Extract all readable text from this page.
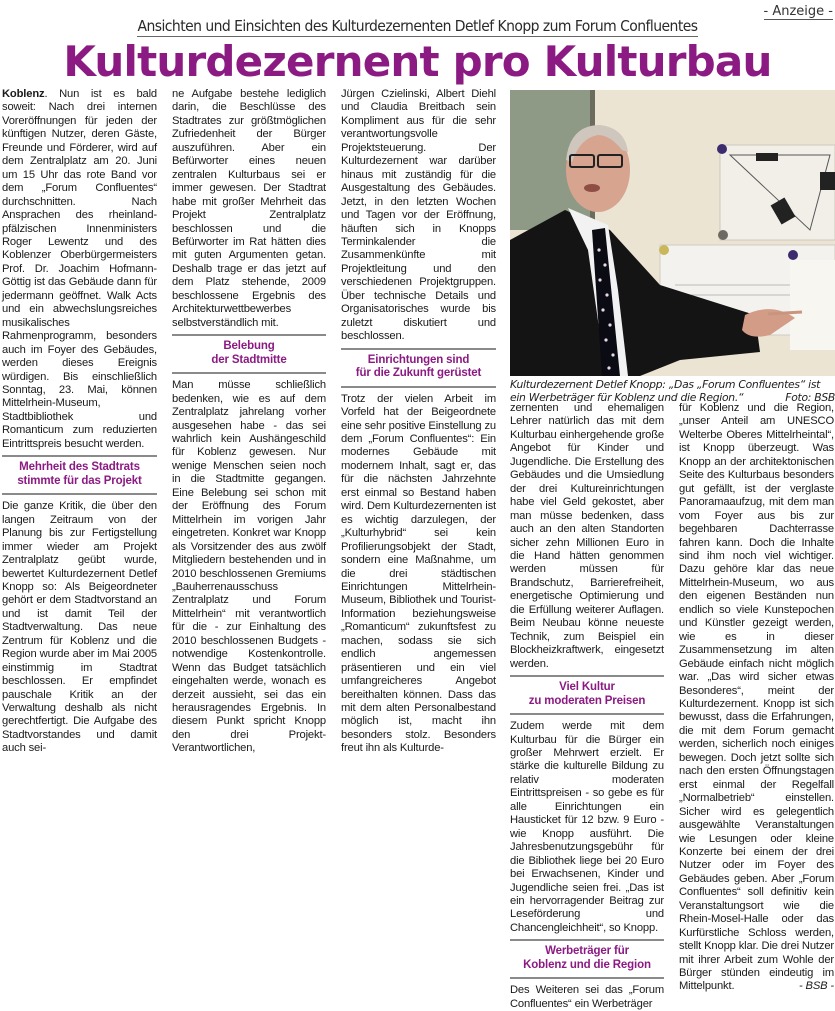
- Anzeige -
Ansichten und Einsichten des Kulturdezernenten Detlef Knopp zum Forum Confluentes
Kulturdezernent pro Kulturbau

Koblenz. Nun ist es bald soweit: Nach drei internen Voreröffnungen für jeden der künftigen Nutzer, deren Gäste, Freunde und Förderer, wird auf dem Zentralplatz am 20. Juni um 15 Uhr das rote Band vor dem „Forum Confluentes“ durchschnitten. Nach Ansprachen des rheinland-pfälzischen Innenministers Roger Lewentz und des Koblenzer Oberbürgermeisters Prof. Dr. Joachim Hofmann-Göttig ist das Gebäude dann für jedermann geöffnet. Walk Acts und ein abwechslungsreiches musikalisches Rahmenprogramm, besonders auch im Foyer des Gebäudes, werden dieses Ereignis würdigen. Bis einschließlich Sonntag, 23. Mai, können Mittelrhein-Museum, Stadtbibliothek und Romanticum zum reduzierten Eintrittspreis besucht werden.

Mehrheit des Stadtrats
stimmte für das Projekt

Die ganze Kritik, die über den langen Zeitraum von der Planung bis zur Fertigstellung immer wieder am Projekt Zentralplatz geübt wurde, bewertet Kulturdezernent Detlef Knopp so: Als Beigeordneter gehört er dem Stadtvorstand an und ist damit Teil der Stadtverwaltung. Das neue Zentrum für Koblenz und die Region wurde aber im Mai 2005 einstimmig im Stadtrat beschlossen. Er empfindet pauschale Kritik an der Verwaltung deshalb als nicht gerechtfertigt. Die Aufgabe des Stadtvorstandes und damit auch sei-

ne Aufgabe bestehe lediglich darin, die Beschlüsse des Stadtrates zur größtmöglichen Zufriedenheit der Bürger auszuführen. Aber ein Befürworter eines neuen zentralen Kulturbaus sei er immer gewesen. Der Stadtrat habe mit großer Mehrheit das Projekt Zentralplatz beschlossen und die Befürworter im Rat hätten dies mit guten Argumenten getan. Deshalb trage er das jetzt auf dem Platz stehende, 2009 beschlossene Ergebnis des Architekturwettbewerbes selbstverständlich mit.

Belebung
der Stadtmitte

Man müsse schließlich bedenken, wie es auf dem Zentralplatz jahrelang vorher ausgesehen habe - das sei wahrlich kein Aushängeschild für Koblenz gewesen. Nur wenige Menschen seien noch in die Stadtmitte gegangen. Eine Belebung sei schon mit der Eröffnung des Forum Mittelrhein im vorigen Jahr eingetreten. Konkret war Knopp als Vorsitzender des aus zwölf Mitgliedern bestehenden und in 2010 beschlossenen Gremiums „Bauherrenausschuss Zentralplatz und Forum Mittelrhein“ mit verantwortlich für die - zur Einhaltung des 2010 beschlossenen Budgets - notwendige Kostenkontrolle. Wenn das Budget tatsächlich eingehalten werde, wonach es derzeit aussieht, sei das ein herausragendes Ergebnis. In diesem Punkt spricht Knopp den drei Projekt-Verantwortlichen,

Jürgen Czielinski, Albert Diehl und Claudia Breitbach sein Kompliment aus für die sehr verantwortungsvolle Projektsteuerung. Der Kulturdezernent war darüber hinaus mit zuständig für die Ausgestaltung des Gebäudes. Jetzt, in den letzten Wochen und Tagen vor der Eröffnung, häuften sich in Knopps Terminkalender die Zusammenkünfte mit Projektleitung und den verschiedenen Projektgruppen. Über technische Details und Organisatorisches wurde bis zuletzt diskutiert und beschlossen.

Einrichtungen sind
für die Zukunft gerüstet

Trotz der vielen Arbeit im Vorfeld hat der Beigeordnete eine sehr positive Einstellung zu dem „Forum Confluentes“: Ein modernes Gebäude mit modernem Inhalt, sagt er, das für die nächsten Jahrzehnte erst einmal so Bestand haben wird. Dem Kulturdezernenten ist es wichtig darzulegen, der „Kulturhybrid“ sei kein Profilierungsobjekt der Stadt, sondern eine Maßnahme, um die drei städtischen Einrichtungen Mittelrhein-Museum, Bibliothek und Tourist-Information beziehungsweise „Romanticum“ zukunftsfest zu machen, sodass sie sich endlich angemessen präsentieren und ein viel umfangreicheres Angebot bereithalten können. Dass das mit dem alten Personalbestand möglich ist, macht ihn besonders stolz. Besonders freut ihn als Kulturde-

Kulturdezernent Detlef Knopp: „Das „Forum Confluentes“ ist ein Werbeträger für Koblenz und die Region.“	Foto: BSB

zernenten und ehemaligen Lehrer natürlich das mit dem Kulturbau einhergehende große Angebot für Kinder und Jugendliche. Die Erstellung des Gebäudes und die Umsiedlung der drei Kultureinrichtungen habe viel Geld gekostet, aber man müsse bedenken, dass auch an den alten Standorten sicher zehn Millionen Euro in die Hand hätten genommen werden müssen für Brandschutz, Barrierefreiheit, energetische Optimierung und die Erfüllung weiterer Auflagen. Beim Neubau könne neueste Technik, zum Beispiel ein Blockheizkraftwerk, eingesetzt werden.

Viel Kultur
zu moderaten Preisen

Zudem werde mit dem Kulturbau für die Bürger ein großer Mehrwert erzielt. Er stärke die kulturelle Bildung zu relativ moderaten Eintrittspreisen - so gebe es für alle Einrichtungen ein Hausticket für 12 bzw. 9 Euro - wie Knopp ausführt. Die Jahresbenutzungsgebühr für die Bibliothek liege bei 20 Euro bei Erwachsenen, Kinder und Jugendliche seien frei. „Das ist ein hervorragender Beitrag zur Leseförderung und Chancengleichheit“, so Knopp.

Werbeträger für
Koblenz und die Region

Des Weiteren sei das „Forum Confluentes“ ein Werbeträger

für Koblenz und die Region, „unser Anteil am UNESCO Welterbe Oberes Mittelrheintal“, ist Knopp überzeugt. Was Knopp an der architektonischen Seite des Kulturbaus besonders gut gefällt, ist der verglaste Panoramaaufzug, mit dem man vom Foyer aus bis zur begehbaren Dachterrasse fahren kann. Doch die Inhalte sind ihm noch viel wichtiger. Dazu gehöre klar das neue Mittelrhein-Museum, wo aus den eigenen Beständen nun endlich so viele Kunstepochen und Künstler gezeigt werden, wie es in dieser Zusammensetzung im alten Gebäude einfach nicht möglich war. „Das wird sicher etwas Besonderes“, meint der Kulturdezernent. Knopp ist sich bewusst, dass die Erfahrungen, die mit dem Forum gemacht werden, sicherlich noch einiges bewegen. Doch jetzt sollte sich nach den ersten Öffnungstagen erst einmal der Regelfall „Normalbetrieb“ einstellen. Sicher wird es gelegentlich ausgewählte Veranstaltungen wie Lesungen oder kleine Konzerte bei einem der drei Nutzer oder im Foyer des Gebäudes geben. Aber „Forum Confluentes“ soll definitiv kein Veranstaltungsort wie die Rhein-Mosel-Halle oder das Kurfürstliche Schloss werden, stellt Knopp klar. Die drei Nutzer mit ihrer Arbeit zum Wohle der Bürger stünden eindeutig im Mittelpunkt.	- BSB -
